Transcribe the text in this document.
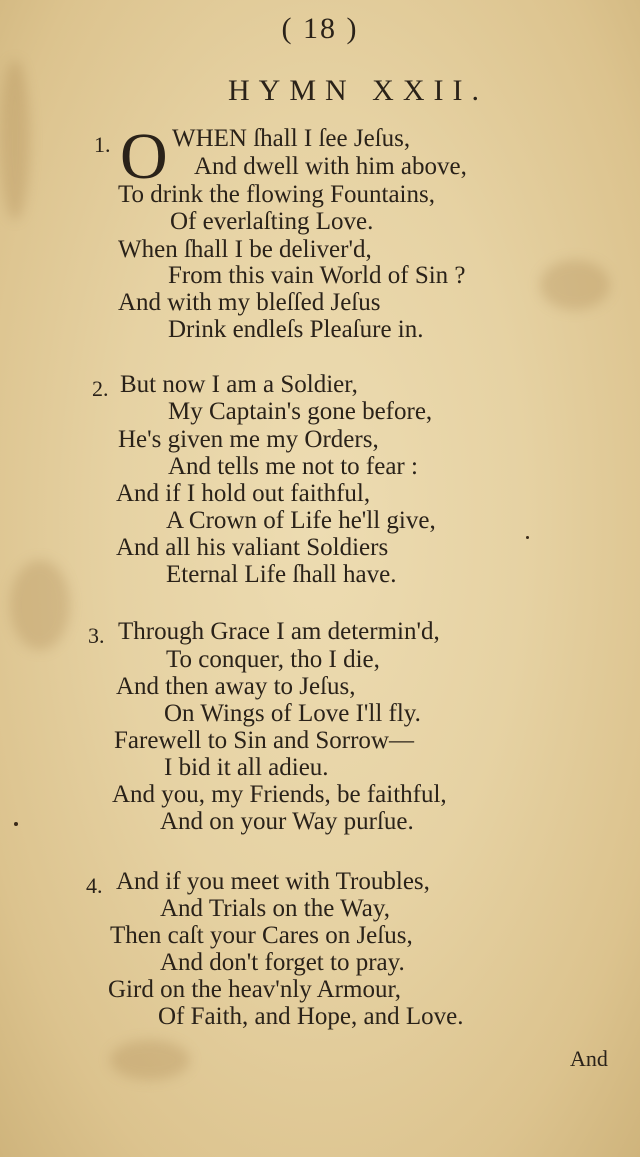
( 18 )
HYMN XXII.
1. O WHEN ſhall I ſee Jeſus,
And dwell with him above,
To drink the flowing Fountains,
Of everlaſting Love.
When ſhall I be deliver'd,
From this vain World of Sin ?
And with my bleſſed Jeſus
Drink endleſs Pleaſure in.
2. But now I am a Soldier,
My Captain's gone before,
He's given me my Orders,
And tells me not to fear :
And if I hold out faithful,
A Crown of Life he'll give,
And all his valiant Soldiers
Eternal Life ſhall have.
3. Through Grace I am determin'd,
To conquer, tho I die,
And then away to Jeſus,
On Wings of Love I'll fly.
Farewell to Sin and Sorrow—
I bid it all adieu.
And you, my Friends, be faithful,
And on your Way purſue.
4. And if you meet with Troubles,
And Trials on the Way,
Then caſt your Cares on Jeſus,
And don't forget to pray.
Gird on the heav'nly Armour,
Of Faith, and Hope, and Love.
And
